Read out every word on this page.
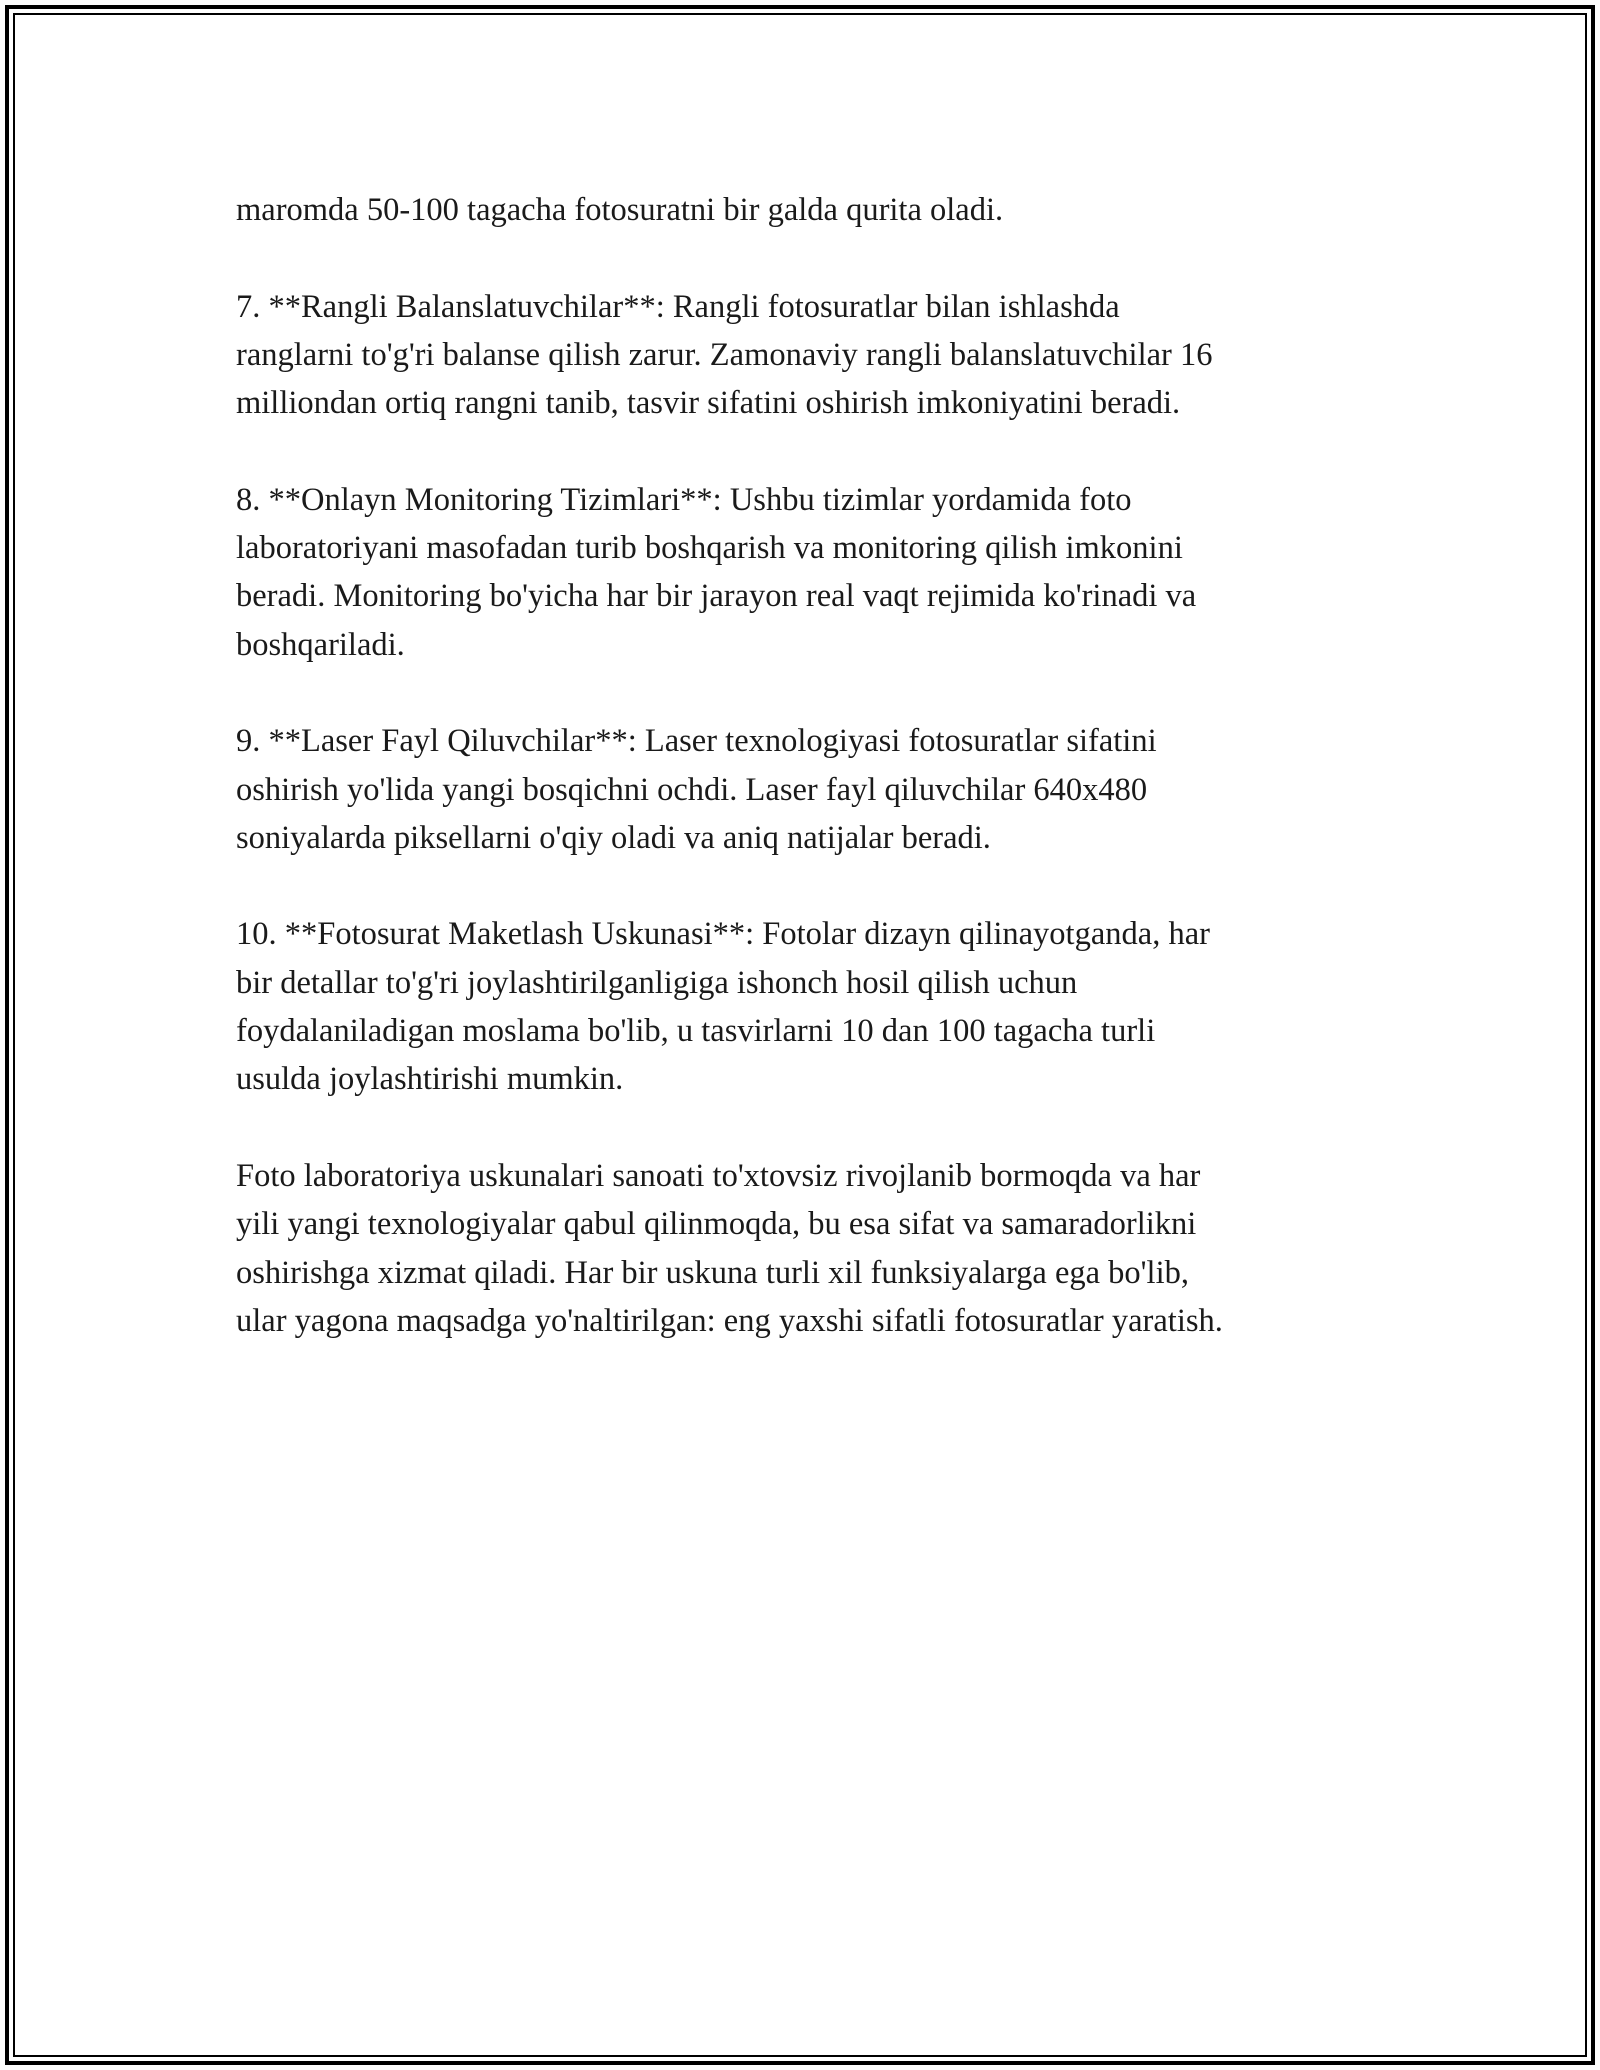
maromda 50-100 tagacha fotosuratni bir galda qurita oladi.

7. **Rangli Balanslatuvchilar**: Rangli fotosuratlar bilan ishlashda
ranglarni to'g'ri balanse qilish zarur. Zamonaviy rangli balanslatuvchilar 16
milliondan ortiq rangni tanib, tasvir sifatini oshirish imkoniyatini beradi.

8. **Onlayn Monitoring Tizimlari**: Ushbu tizimlar yordamida foto
laboratoriyani masofadan turib boshqarish va monitoring qilish imkonini
beradi. Monitoring bo'yicha har bir jarayon real vaqt rejimida ko'rinadi va
boshqariladi.

9. **Laser Fayl Qiluvchilar**: Laser texnologiyasi fotosuratlar sifatini
oshirish yo'lida yangi bosqichni ochdi. Laser fayl qiluvchilar 640x480
soniyalarda piksellarni o'qiy oladi va aniq natijalar beradi.

10. **Fotosurat Maketlash Uskunasi**: Fotolar dizayn qilinayotganda, har
bir detallar to'g'ri joylashtirilganligiga ishonch hosil qilish uchun
foydalaniladigan moslama bo'lib, u tasvirlarni 10 dan 100 tagacha turli
usulda joylashtirishi mumkin.

Foto laboratoriya uskunalari sanoati to'xtovsiz rivojlanib bormoqda va har
yili yangi texnologiyalar qabul qilinmoqda, bu esa sifat va samaradorlikni
oshirishga xizmat qiladi. Har bir uskuna turli xil funksiyalarga ega bo'lib,
ular yagona maqsadga yo'naltirilgan: eng yaxshi sifatli fotosuratlar yaratish.
